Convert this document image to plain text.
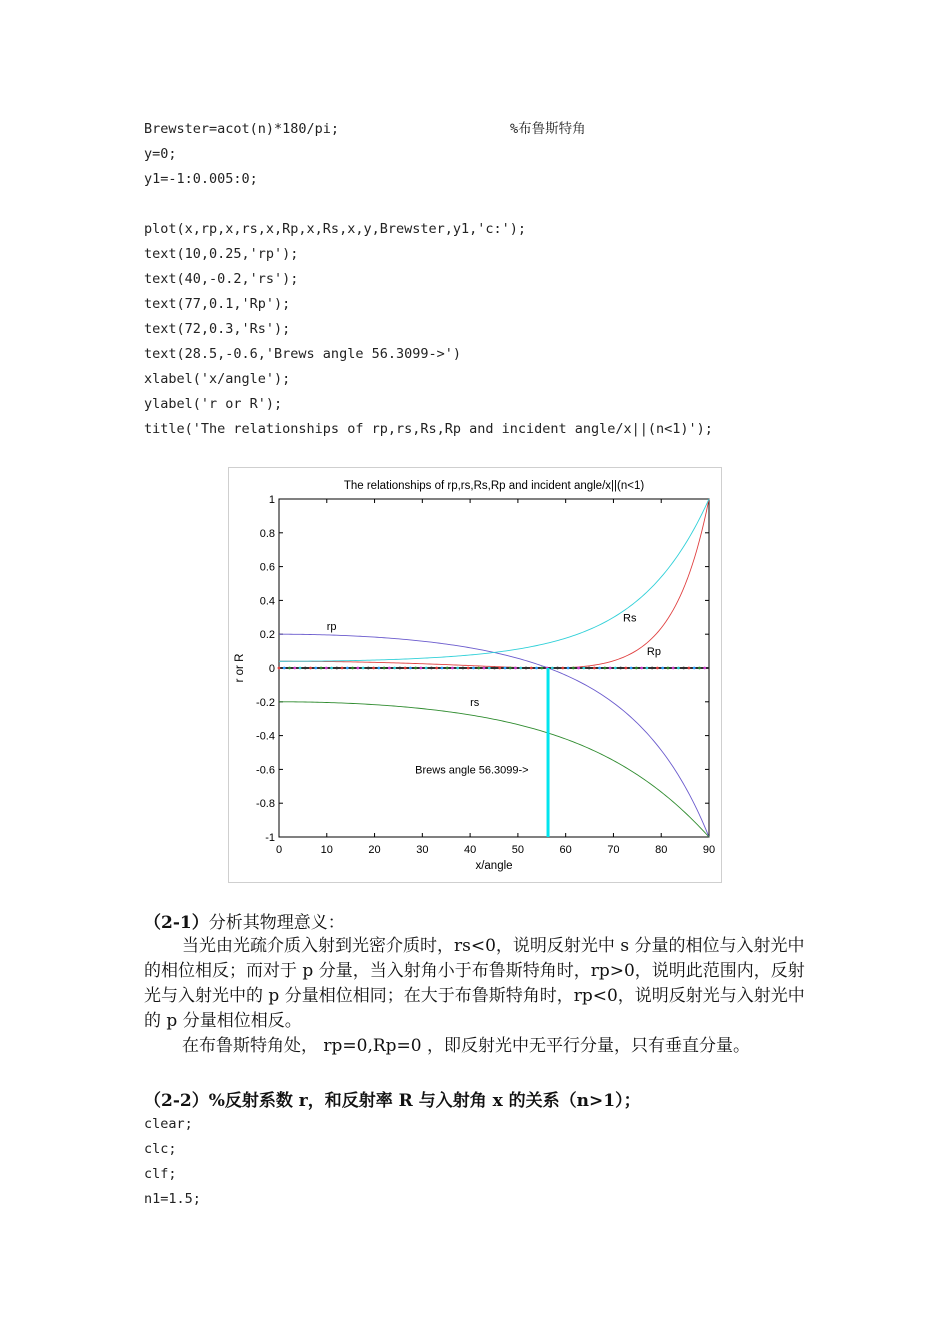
Brewster=acot(n)*180/pi;
y=0;
y1=-1:0.005:0;
plot(x,rp,x,rs,x,Rp,x,Rs,x,y,Brewster,y1,'c:');
text(10,0.25,'rp');
text(40,-0.2,'rs');
text(77,0.1,'Rp');
text(72,0.3,'Rs');
text(28.5,-0.6,'Brews angle 56.3099->')
xlabel('x/angle');
ylabel('r or R');
title('The relationships of rp,rs,Rs,Rp and incident angle/x||(n<1)');
%布鲁斯特角
The relationships of rp,rs,Rs,Rp and incident angle/x||(n<1)
0	10	20	30	40	50	60	70	80	90
1
0.8
0.6
0.4
0.2
0
-0.2
-0.4
-0.6
-0.8
-1
x/angle
r or R
rp
rs
Rp
Rs
Brews angle 56.3099->
（2-1）分析其物理意义：

当光由光疏介质入射到光密介质时，rs<0，说明反射光中 s 分量的相位与入射光中的相位相反；而对于 p 分量，当入射角小于布鲁斯特角时，rp>0，说明此范围内，反射光与入射光中的 p 分量相位相同；在大于布鲁斯特角时，rp<0，说明反射光与入射光中的 p 分量相位相反。

在布鲁斯特角处， rp=0,Rp=0 ，即反射光中无平行分量，只有垂直分量。

（2-2）%反射系数 r，和反射率 R 与入射角 x 的关系（n>1）；
clear;
clc;
clf;
n1=1.5;
